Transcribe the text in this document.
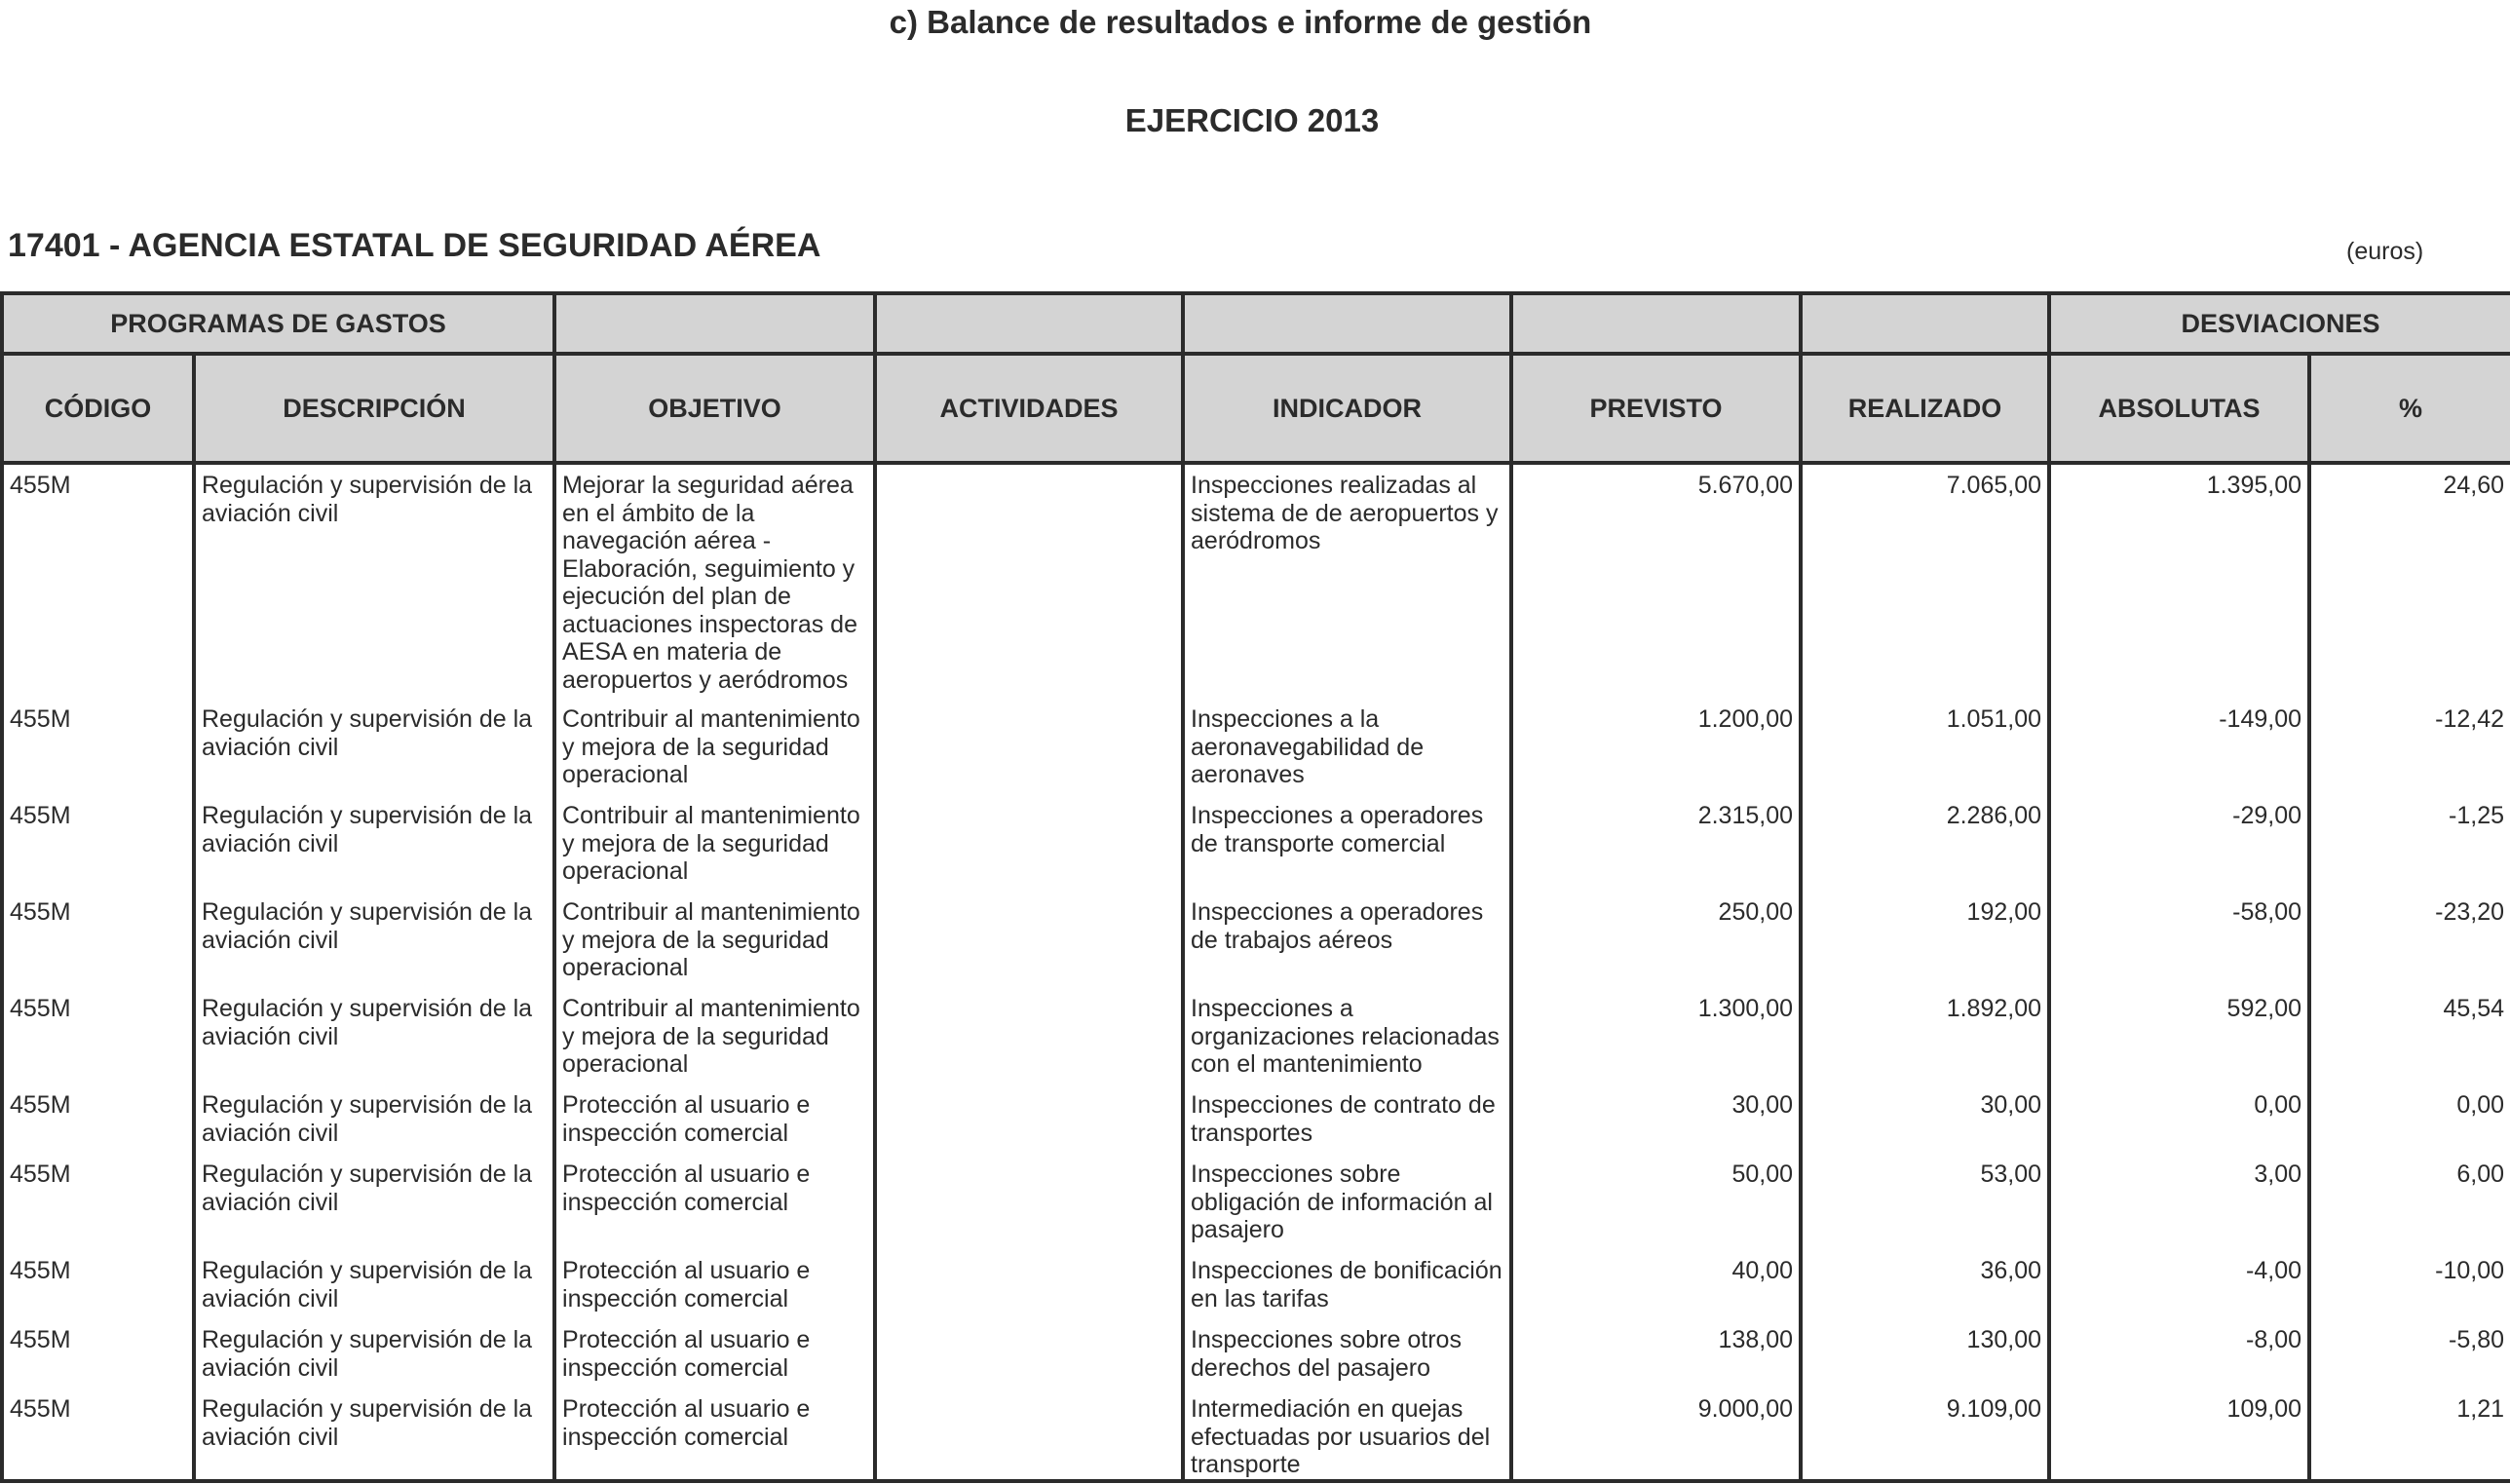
c) Balance de resultados e informe de gestión
EJERCICIO 2013
17401 - AGENCIA ESTATAL DE SEGURIDAD AÉREA	(euros)
PROGRAMAS DE GASTOS							DESVIACIONES	
CÓDIGO	DESCRIPCIÓN	OBJETIVO	ACTIVIDADES	INDICADOR	PREVISTO	REALIZADO	ABSOLUTAS	%
455M	Regulación y supervisión de la aviación civil	Mejorar la seguridad aérea en el ámbito de la navegación aérea - Elaboración, seguimiento y ejecución del plan de actuaciones inspectoras de AESA en materia de aeropuertos y aeródromos		Inspecciones realizadas al sistema de de aeropuertos y aeródromos	5.670,00	7.065,00	1.395,00	24,60
455M	Regulación y supervisión de la aviación civil	Contribuir al mantenimiento y mejora de la seguridad operacional		Inspecciones a la aeronavegabilidad de aeronaves	1.200,00	1.051,00	-149,00	-12,42
455M	Regulación y supervisión de la aviación civil	Contribuir al mantenimiento y mejora de la seguridad operacional		Inspecciones a operadores de transporte comercial	2.315,00	2.286,00	-29,00	-1,25
455M	Regulación y supervisión de la aviación civil	Contribuir al mantenimiento y mejora de la seguridad operacional		Inspecciones a operadores de trabajos aéreos	250,00	192,00	-58,00	-23,20
455M	Regulación y supervisión de la aviación civil	Contribuir al mantenimiento y mejora de la seguridad operacional		Inspecciones a organizaciones relacionadas con el mantenimiento	1.300,00	1.892,00	592,00	45,54
455M	Regulación y supervisión de la aviación civil	Protección al usuario e inspección comercial		Inspecciones de contrato de transportes	30,00	30,00	0,00	0,00
455M	Regulación y supervisión de la aviación civil	Protección al usuario e inspección comercial		Inspecciones sobre obligación de información al pasajero	50,00	53,00	3,00	6,00
455M	Regulación y supervisión de la aviación civil	Protección al usuario e inspección comercial		Inspecciones de bonificación en las tarifas	40,00	36,00	-4,00	-10,00
455M	Regulación y supervisión de la aviación civil	Protección al usuario e inspección comercial		Inspecciones sobre otros derechos del pasajero	138,00	130,00	-8,00	-5,80
455M	Regulación y supervisión de la aviación civil	Protección al usuario e inspección comercial		Intermediación en quejas efectuadas por usuarios del transporte	9.000,00	9.109,00	109,00	1,21
